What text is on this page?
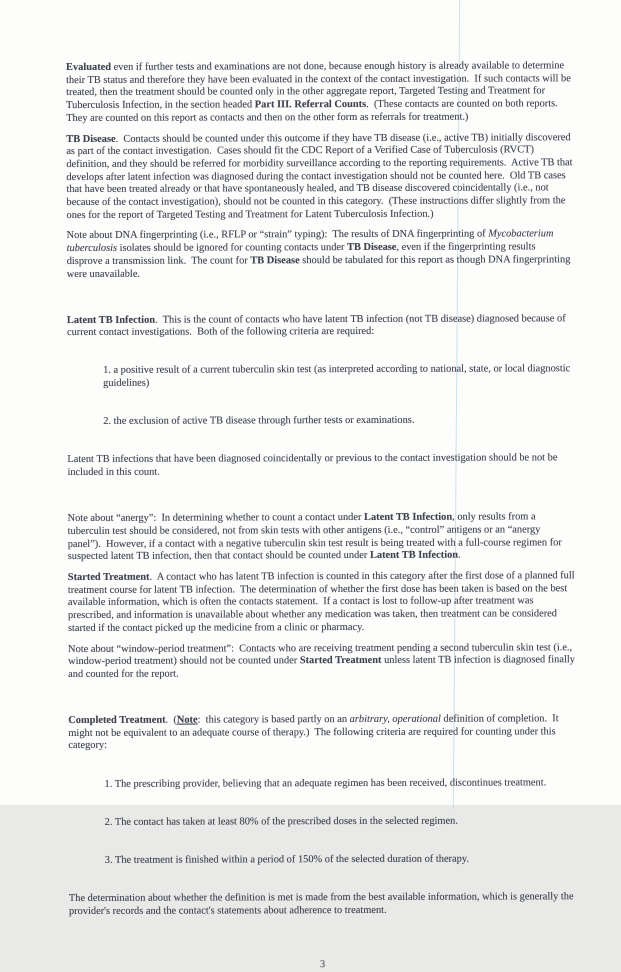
Evaluated even if further tests and examinations are not done, because enough history is already available to determine their TB status and therefore they have been evaluated in the context of the contact investigation.  If such contacts will be treated, then the treatment should be counted only in the other aggregate report, Targeted Testing and Treatment for Tuberculosis Infection, in the section headed Part III. Referral Counts.  (These contacts are counted on both reports.  They are counted on this report as contacts and then on the other form as referrals for treatment.)

TB Disease.  Contacts should be counted under this outcome if they have TB disease (i.e., active TB) initially discovered as part of the contact investigation.  Cases should fit the CDC Report of a Verified Case of Tuberculosis (RVCT) definition, and they should be referred for morbidity surveillance according to the reporting requirements.  Active TB that develops after latent infection was diagnosed during the contact investigation should not be counted here.  Old TB cases that have been treated already or that have spontaneously healed, and TB disease discovered coincidentally (i.e., not because of the contact investigation), should not be counted in this category.  (These instructions differ slightly from the ones for the report of Targeted Testing and Treatment for Latent Tuberculosis Infection.)

Note about DNA fingerprinting (i.e., RFLP or “strain” typing):  The results of DNA fingerprinting of Mycobacterium tuberculosis isolates should be ignored for counting contacts under TB Disease, even if the fingerprinting results disprove a transmission link.  The count for TB Disease should be tabulated for this report as though DNA fingerprinting were unavailable.

Latent TB Infection.  This is the count of contacts who have latent TB infection (not TB disease) diagnosed because of current contact investigations.  Both of the following criteria are required:

1. a positive result of a current tuberculin skin test (as interpreted according to national, state, or local diagnostic guidelines)

2. the exclusion of active TB disease through further tests or examinations.

Latent TB infections that have been diagnosed coincidentally or previous to the contact investigation should be not be included in this count.

Note about “anergy”:  In determining whether to count a contact under Latent TB Infection, only results from a tuberculin test should be considered, not from skin tests with other antigens (i.e., “control” antigens or an “anergy panel”).  However, if a contact with a negative tuberculin skin test result is being treated with a full-course regimen for suspected latent TB infection, then that contact should be counted under Latent TB Infection.

Started Treatment.  A contact who has latent TB infection is counted in this category after the first dose of a planned full treatment course for latent TB infection.  The determination of whether the first dose has been taken is based on the best available information, which is often the contacts statement.  If a contact is lost to follow-up after treatment was prescribed, and information is unavailable about whether any medication was taken, then treatment can be considered started if the contact picked up the medicine from a clinic or pharmacy.

Note about “window-period treatment”:  Contacts who are receiving treatment pending a second tuberculin skin test (i.e., window-period treatment) should not be counted under Started Treatment unless latent TB infection is diagnosed finally and counted for the report.

Completed Treatment.  (Note:  this category is based partly on an arbitrary, operational definition of completion.  It might not be equivalent to an adequate course of therapy.)  The following criteria are required for counting under this category:

1. The prescribing provider, believing that an adequate regimen has been received, discontinues treatment.

2. The contact has taken at least 80% of the prescribed doses in the selected regimen.

3. The treatment is finished within a period of 150% of the selected duration of therapy.

The determination about whether the definition is met is made from the best available information, which is generally the provider's records and the contact's statements about adherence to treatment.

3
